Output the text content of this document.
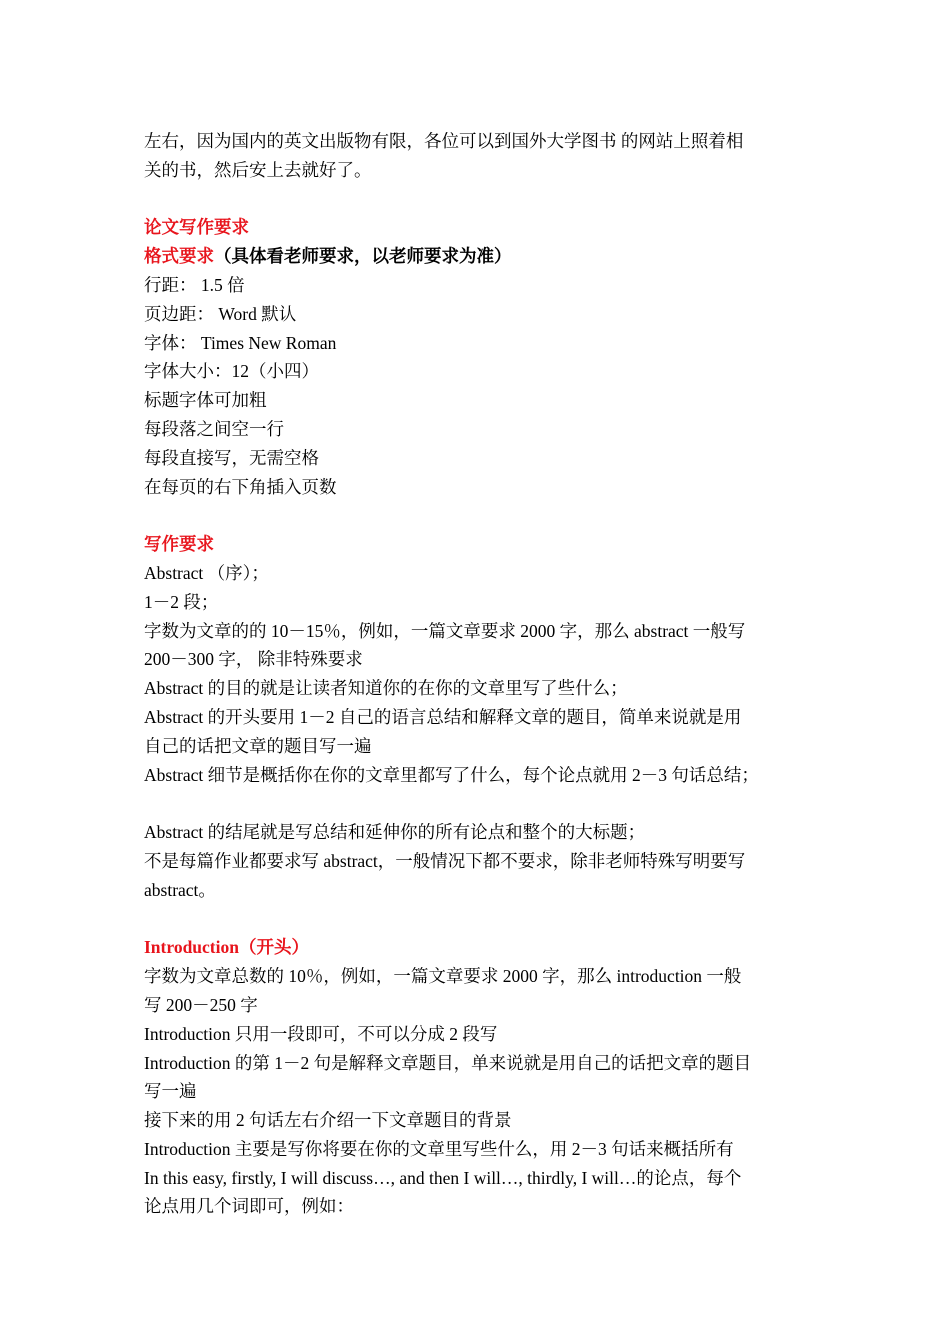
左右，因为国内的英文出版物有限，各位可以到国外大学图书 的网站上照着相
关的书，然后安上去就好了。
论文写作要求
格式要求（具体看老师要求，以老师要求为准）
行距： 1.5 倍
页边距： Word 默认
字体： Times New Roman
字体大小：12（小四）
标题字体可加粗
每段落之间空一行
每段直接写，无需空格
在每页的右下角插入页数
写作要求
Abstract （序）；
1－2 段；
字数为文章的的 10－15％，例如，一篇文章要求 2000 字，那么 abstract 一般写
200－300 字， 除非特殊要求
Abstract 的目的就是让读者知道你的在你的文章里写了些什么；
Abstract 的开头要用 1－2 自己的语言总结和解释文章的题目，简单来说就是用
自己的话把文章的题目写一遍
Abstract 细节是概括你在你的文章里都写了什么，每个论点就用 2－3 句话总结；
Abstract 的结尾就是写总结和延伸你的所有论点和整个的大标题；
不是每篇作业都要求写 abstract，一般情况下都不要求，除非老师特殊写明要写
abstract。
Introduction（开头）
字数为文章总数的 10％，例如，一篇文章要求 2000 字，那么 introduction 一般
写 200－250 字
Introduction 只用一段即可，不可以分成 2 段写
Introduction 的第 1－2 句是解释文章题目，单来说就是用自己的话把文章的题目
写一遍
接下来的用 2 句话左右介绍一下文章题目的背景
Introduction 主要是写你将要在你的文章里写些什么，用 2－3 句话来概括所有
In this easy, firstly, I will discuss…, and then I will…, thirdly, I will…的论点，每个
论点用几个词即可，例如：
